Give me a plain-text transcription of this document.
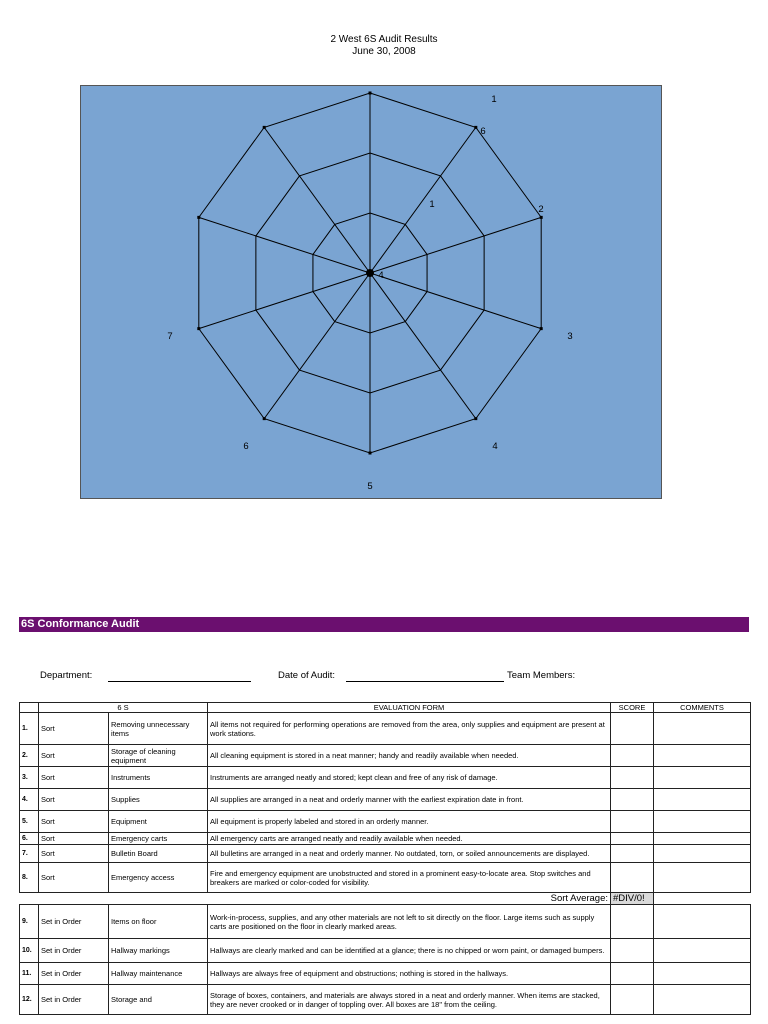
2 West 6S Audit Results
June 30, 2008
1
2
3
4
5
6
7
6
1
4
6S Conformance Audit
Department:	Date of Audit:	Team Members:
	6 S		EVALUATION FORM	SCORE	COMMENTS
1.	Sort	Removing unnecessary items	All items not required for performing operations are removed from the area, only supplies and equipment are present at work stations.		
2.	Sort	Storage of cleaning equipment	All cleaning equipment is stored in a neat manner; handy and readily available when needed.		
3.	Sort	Instruments	Instruments are arranged neatly and stored; kept clean and free of any risk of damage.		
4.	Sort	Supplies	All supplies are arranged in a neat and orderly manner with the earliest expiration date in front.		
5.	Sort	Equipment	All equipment is properly labeled and stored in an orderly manner.		
6.	Sort	Emergency carts	All emergency carts are arranged neatly and readily available when needed.		
7.	Sort	Bulletin Board	All bulletins are arranged in a neat and orderly manner. No outdated, torn, or soiled announcements are displayed.		
8.	Sort	Emergency access	Fire and emergency equipment are unobstructed and stored in a prominent easy-to-locate area. Stop switches and breakers are marked or color-coded for visibility.		
Sort Average:				#DIV/0!	
9.	Set in Order	Items on floor	Work-in-process, supplies, and any other materials are not left to sit directly on the floor. Large items such as supply carts are positioned on the floor in clearly marked areas.		
10.	Set in Order	Hallway markings	Hallways are clearly marked and can be identified at a glance; there is no chipped or worn paint, or damaged bumpers.		
11.	Set in Order	Hallway maintenance	Hallways are always free of equipment and obstructions; nothing is stored in the hallways.		
12.	Set in Order	Storage and	Storage of boxes, containers, and materials are always stored in a neat and orderly manner. When items are stacked, they are never crooked or in danger of toppling over. All boxes are 18" from the ceiling.		
